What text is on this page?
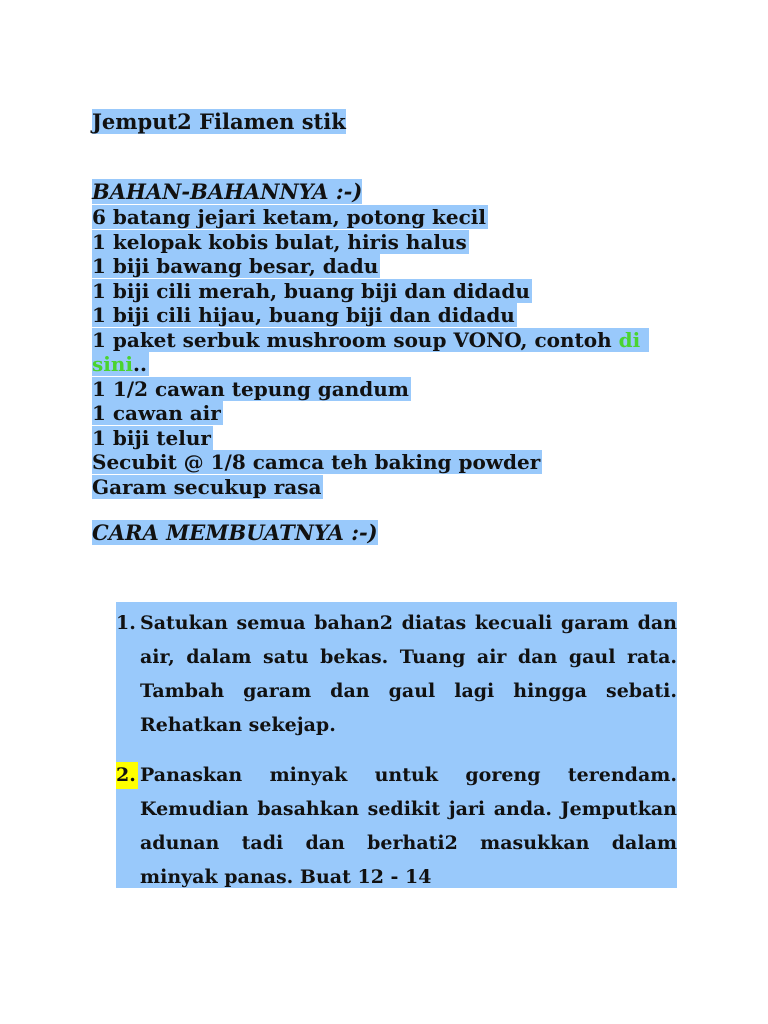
Jemput2 Filamen stik
BAHAN-BAHANNYA :-)
6 batang jejari ketam, potong kecil
1 kelopak kobis bulat, hiris halus
1 biji bawang besar, dadu
1 biji cili merah, buang biji dan didadu
1 biji cili hijau, buang biji dan didadu
1 paket serbuk mushroom soup VONO, contoh di
sini..
1 1/2 cawan tepung gandum
1 cawan air
1 biji telur
Secubit @ 1/8 camca teh baking powder
Garam secukup rasa
CARA MEMBUATNYA :-)
1. Satukan semua bahan2 diatas kecuali garam dan air, dalam satu bekas. Tuang air dan gaul rata. Tambah garam dan gaul lagi hingga sebati. Rehatkan sekejap.
2. Panaskan minyak untuk goreng terendam. Kemudian basahkan sedikit jari anda. Jemputkan adunan tadi dan berhati2 masukkan dalam minyak panas. Buat 12 - 14
